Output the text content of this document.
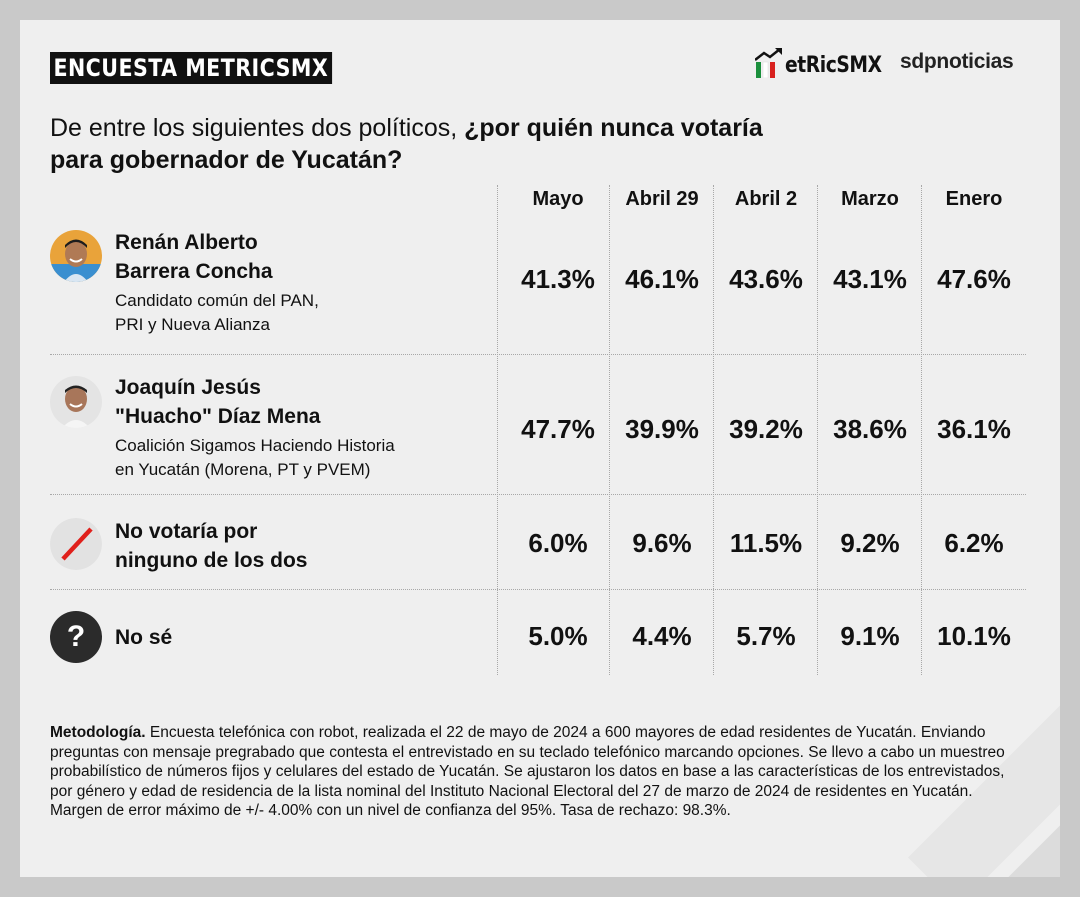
ENCUESTA METRICSMX	etRicSMX sdpnoticias
De entre los siguientes dos políticos, ¿por quién nunca votaría
para gobernador de Yucatán?
Mayo	Abril 29	Abril 2	Marzo	Enero
Renán Alberto
Barrera Concha
Candidato común del PAN,
PRI y Nueva Alianza
41.3%	46.1%	43.6%	43.1%	47.6%
Joaquín Jesús
"Huacho" Díaz Mena
Coalición Sigamos Haciendo Historia
en Yucatán (Morena, PT y PVEM)
47.7%	39.9%	39.2%	38.6%	36.1%
No votaría por
ninguno de los dos
6.0%	9.6%	11.5%	9.2%	6.2%
?	No sé	5.0%	4.4%	5.7%	9.1%	10.1%
Metodología. Encuesta telefónica con robot, realizada el 22 de mayo de 2024 a 600 mayores de edad residentes de Yucatán. Enviando preguntas con mensaje pregrabado que contesta el entrevistado en su teclado telefónico marcando opciones. Se llevo a cabo un muestreo probabilístico de números fijos y celulares del estado de Yucatán. Se ajustaron los datos en base a las características de los entrevistados, por género y edad de residencia de la lista nominal del Instituto Nacional Electoral del 27 de marzo de 2024 de residentes en Yucatán. Margen de error máximo de +/- 4.00% con un nivel de confianza del 95%. Tasa de rechazo: 98.3%.
